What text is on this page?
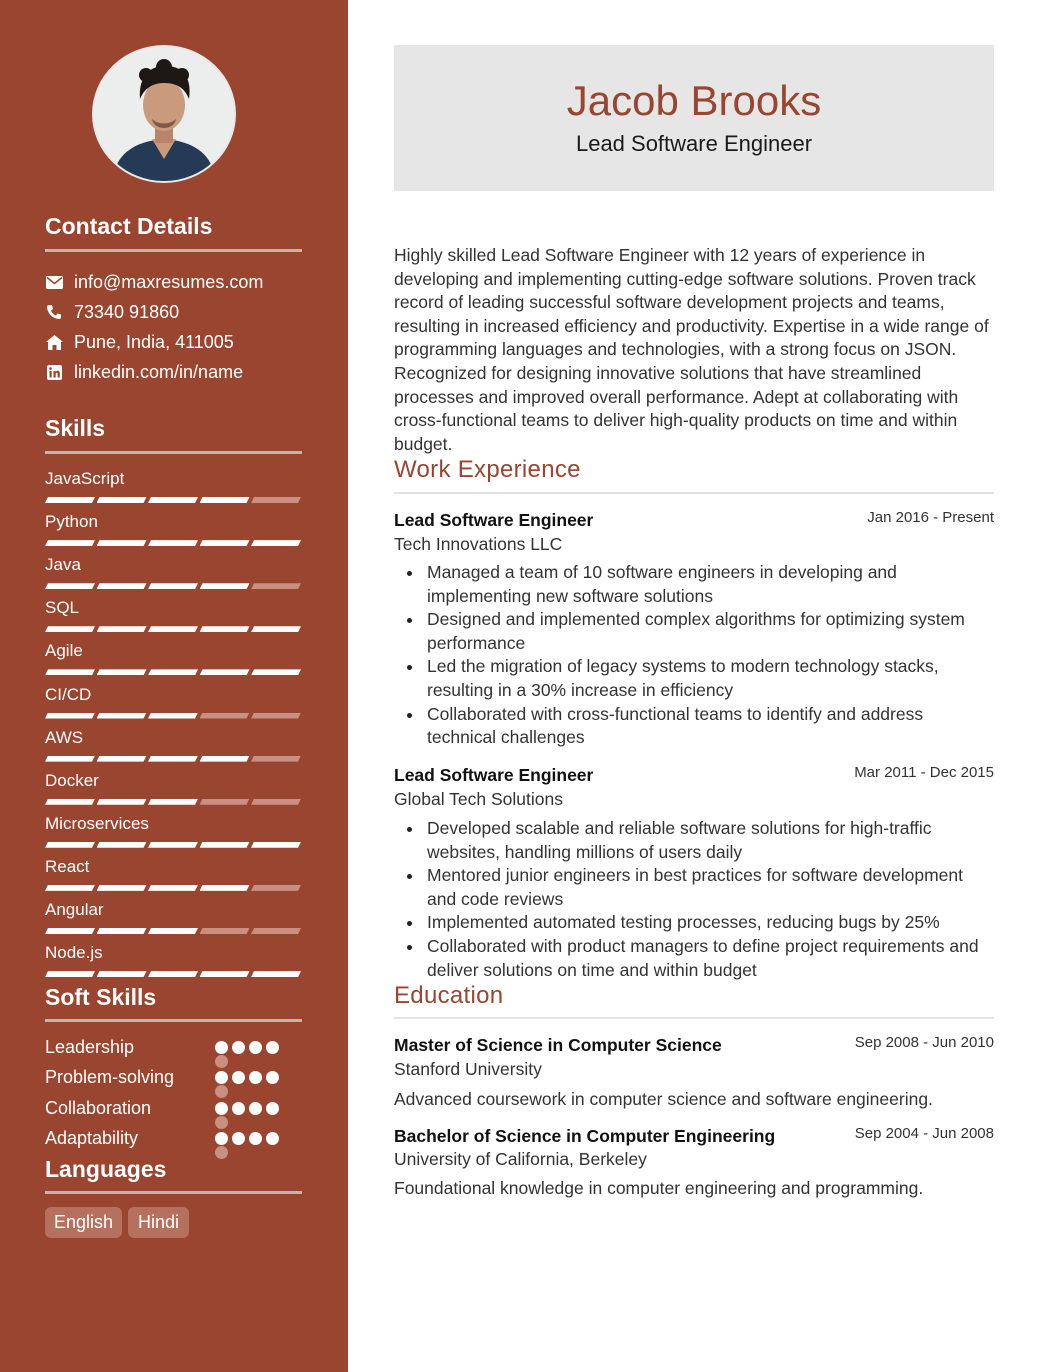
Contact Details
info@maxresumes.com
73340 91860
Pune, India, 411005
linkedin.com/in/name
Skills
JavaScript
Python
Java
SQL
Agile
CI/CD
AWS
Docker
Microservices
React
Angular
Node.js
Soft Skills
Leadership
Problem-solving
Collaboration
Adaptability
Languages
English	Hindi
Jacob Brooks
Lead Software Engineer

Highly skilled Lead Software Engineer with 12 years of experience in developing and implementing cutting-edge software solutions. Proven track record of leading successful software development projects and teams, resulting in increased efficiency and productivity. Expertise in a wide range of programming languages and technologies, with a strong focus on JSON. Recognized for designing innovative solutions that have streamlined processes and improved overall performance. Adept at collaborating with cross-functional teams to deliver high-quality products on time and within budget.

Work Experience
Lead Software Engineer	Jan 2016 - Present
Tech Innovations LLC
Managed a team of 10 software engineers in developing and implementing new software solutions
Designed and implemented complex algorithms for optimizing system performance
Led the migration of legacy systems to modern technology stacks, resulting in a 30% increase in efficiency
Collaborated with cross-functional teams to identify and address technical challenges
Lead Software Engineer	Mar 2011 - Dec 2015
Global Tech Solutions
Developed scalable and reliable software solutions for high-traffic websites, handling millions of users daily
Mentored junior engineers in best practices for software development and code reviews
Implemented automated testing processes, reducing bugs by 25%
Collaborated with product managers to define project requirements and deliver solutions on time and within budget
Education
Master of Science in Computer Science	Sep 2008 - Jun 2010
Stanford University
Advanced coursework in computer science and software engineering.
Bachelor of Science in Computer Engineering	Sep 2004 - Jun 2008
University of California, Berkeley
Foundational knowledge in computer engineering and programming.
